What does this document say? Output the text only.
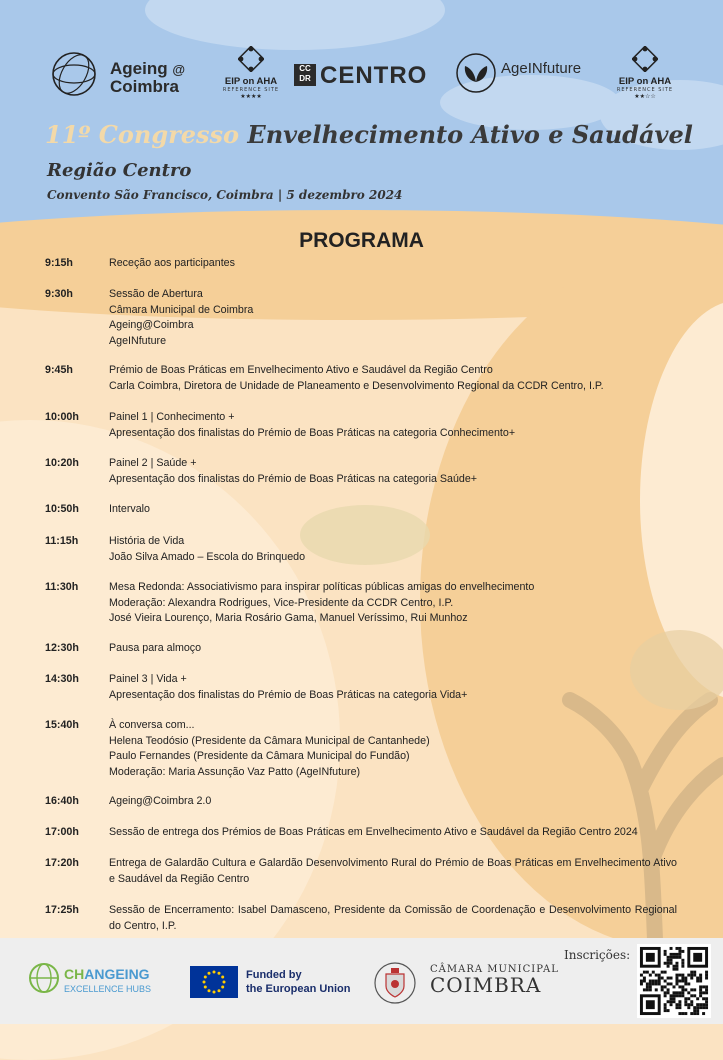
Ageing @
Coimbra	EIP on AHA
REFERENCE SITE
★★★★
CC DR CENTRO	AgeINfuture
EIP on AHA
REFERENCE SITE
★★☆☆
11º Congresso Envelhecimento Ativo e Saudável
Região Centro
Convento São Francisco, Coimbra | 5 dezembro 2024
PROGRAMA
9:15h	Receção aos participantes
9:30h	Sessão de Abertura
Câmara Municipal de Coimbra
Ageing@Coimbra
AgeINfuture
9:45h	Prémio de Boas Práticas em Envelhecimento Ativo e Saudável da Região Centro
Carla Coimbra, Diretora de Unidade de Planeamento e Desenvolvimento Regional da CCDR Centro, I.P.
10:00h	Painel 1 | Conhecimento +
Apresentação dos finalistas do Prémio de Boas Práticas na categoria Conhecimento+
10:20h	Painel 2 | Saúde +
Apresentação dos finalistas do Prémio de Boas Práticas na categoria Saúde+
10:50h	Intervalo
11:15h	História de Vida
João Silva Amado – Escola do Brinquedo
11:30h	Mesa Redonda: Associativismo para inspirar políticas públicas amigas do envelhecimento
Moderação: Alexandra Rodrigues, Vice-Presidente da CCDR Centro, I.P.
José Vieira Lourenço, Maria Rosário Gama, Manuel Veríssimo, Rui Munhoz
12:30h	Pausa para almoço
14:30h	Painel 3 | Vida +
Apresentação dos finalistas do Prémio de Boas Práticas na categoria Vida+
15:40h	À conversa com...
Helena Teodósio (Presidente da Câmara Municipal de Cantanhede)
Paulo Fernandes (Presidente da Câmara Municipal do Fundão)
Moderação: Maria Assunção Vaz Patto (AgeINfuture)
16:40h	Ageing@Coimbra 2.0
17:00h	Sessão de entrega dos Prémios de Boas Práticas em Envelhecimento Ativo e Saudável da Região Centro 2024
17:20h	Entrega de Galardão Cultura e Galardão Desenvolvimento Rural do Prémio de Boas Práticas em Envelhecimento Ativo e Saudável da Região Centro
17:25h	Sessão de Encerramento: Isabel Damasceno, Presidente da Comissão de Coordenação e Desenvolvimento Regional do Centro, I.P.
CHANGEING
EXCELLENCE HUBS
Funded by
the European Union
CÂMARA MUNICIPAL
COIMBRA
Inscrições:
